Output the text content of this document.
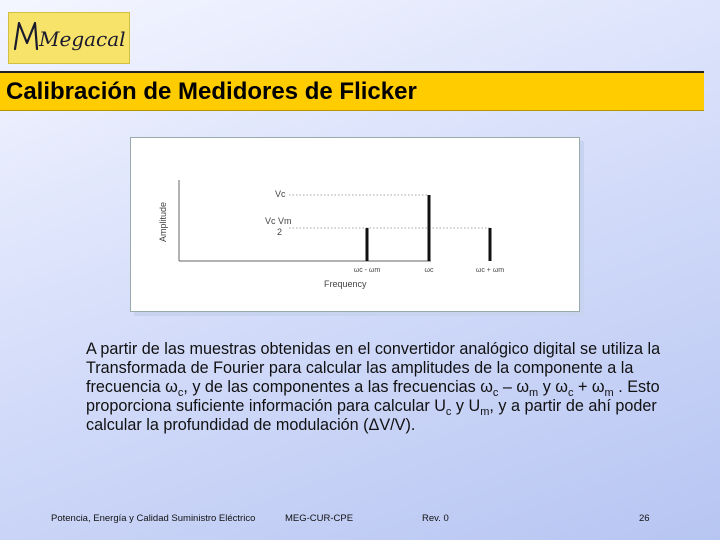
Megacal
Calibración de Medidores de Flicker
ωc - ωm	ωc	ωc + ωm
Amplitude
Frequency
Vc
Vc Vm
2
A partir de las muestras obtenidas en el convertidor analógico digital se utiliza la Transformada de Fourier para calcular las amplitudes de la componente a la frecuencia $\omega_c$, y de las componentes a las frecuencias $\omega_c - \omega_m$ y $\omega_c + \omega_m$ . Esto proporciona suficiente información para calcular $U_c$ y $U_m$, y a partir de ahí poder calcular la profundidad de modulación (ΔV/V).
Potencia, Energía y Calidad Suministro Eléctrico	MEG-CUR-CPE	Rev. 0	26
